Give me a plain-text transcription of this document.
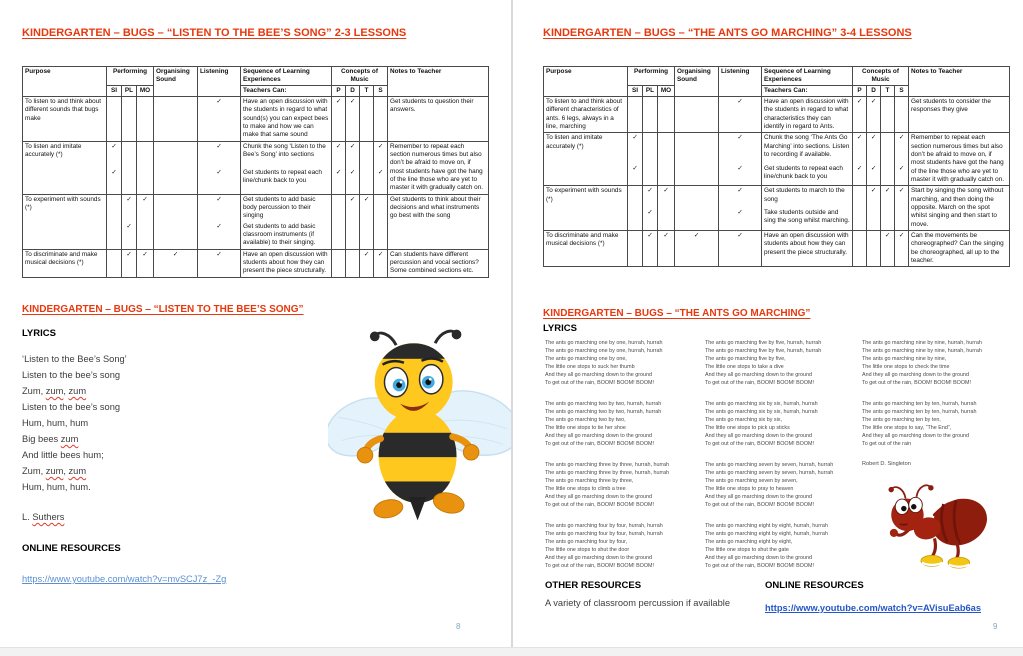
KINDERGARTEN – BUGS – “LISTEN TO THE BEE’S SONG” 2-3 LESSONS
Purpose	Performing			Organising Sound	Listening	Sequence of Learning Experiences	Concepts of Music				Notes to Teacher
	SI	PL	MO			Teachers Can:	P	D	T	S	
To listen to and think about different sounds that bugs make					✓	Have an open discussion with the students in regard to what sound(s) you can expect bees to make and how we can make that same sound	✓	✓			Get students to question their answers.
To listen and imitate accurately (*)	✓				✓	Chunk the song ‘Listen to the Bee’s Song’ into sections	✓	✓		✓	Remember to repeat each section numerous times but also don’t be afraid to move on, if most students have got the hang of the line those who are yet to master it with gradually catch on.
	✓				✓	Get students to repeat each line/chunk back to you	✓	✓		✓	
To experiment with sounds (*)		✓	✓		✓	Get students to add basic body percussion to their singing		✓	✓		Get students to think about their decisions and what instruments go best with the song
		✓			✓	Get students to add basic classroom instruments (if available) to their singing.					
To discriminate and make musical decisions (*)		✓	✓	✓	✓	Have an open discussion with students about how they can present the piece structurally.			✓	✓	Can students have different percussion and vocal sections? Some combined sections etc.
KINDERGARTEN – BUGS – “LISTEN TO THE BEE’S SONG”
LYRICS
‘Listen to the Bee’s Song’
Listen to the bee’s song
Zum, zum, zum
Listen to the bee’s song
Hum, hum, hum
Big bees zum
And little bees hum;
Zum, zum, zum
Hum, hum, hum.
L. Suthers
ONLINE RESOURCES
https://www.youtube.com/watch?v=mvSCJ7z_-Zg
8
KINDERGARTEN – BUGS – “THE ANTS GO MARCHING” 3-4 LESSONS
Purpose	Performing			Organising Sound	Listening	Sequence of Learning Experiences	Concepts of Music				Notes to Teacher
	SI	PL	MO			Teachers Can:	P	D	T	S	
To listen to and think about different characteristics of ants. 6 legs, always in a line, marching					✓	Have an open discussion with the students in regard to what characteristics they can identify in regard to Ants.	✓	✓			Get students to consider the responses they give
To listen and imitate accurately (*)	✓				✓	Chunk the song ‘The Ants Go Marching’ into sections. Listen to recording if available.	✓	✓		✓	Remember to repeat each section numerous times but also don’t be afraid to move on, if most students have got the hang of the line those who are yet to master it with gradually catch on.
	✓				✓	Get students to repeat each line/chunk back to you	✓	✓		✓	
To experiment with sounds (*)		✓	✓		✓	Get students to march to the song		✓	✓	✓	Start by singing the song without marching, and then doing the opposite. March on the spot whilst singing and then start to move.
		✓			✓	Take students outside and sing the song whilst marching.					
To discriminate and make musical decisions (*)		✓	✓	✓	✓	Have an open discussion with students about how they can present the piece structurally.			✓	✓	Can the movements be choreographed? Can the singing be choreographed, all up to the teacher.
KINDERGARTEN – BUGS – “THE ANTS GO MARCHING”
LYRICS
The ants go marching one by one, hurrah, hurrah
The ants go marching one by one, hurrah, hurrah
The ants go marching one by one,
The little one stops to suck her thumb
And they all go marching down to the ground
To get out of the rain, BOOM! BOOM! BOOM!
The ants go marching two by two, hurrah, hurrah
The ants go marching two by two, hurrah, hurrah
The ants go marching two by two,
The little one stops to tie her shoe
And they all go marching down to the ground
To get out of the rain, BOOM! BOOM! BOOM!
The ants go marching three by three, hurrah, hurrah
The ants go marching three by three, hurrah, hurrah
The ants go marching three by three,
The little one stops to climb a tree
And they all go marching down to the ground
To get out of the rain, BOOM! BOOM! BOOM!
The ants go marching four by four, hurrah, hurrah
The ants go marching four by four, hurrah, hurrah
The ants go marching four by four,
The little one stops to shut the door
And they all go marching down to the ground
To get out of the rain, BOOM! BOOM! BOOM!
The ants go marching five by five, hurrah, hurrah
The ants go marching five by five, hurrah, hurrah
The ants go marching five by five,
The little one stops to take a dive
And they all go marching down to the ground
To get out of the rain, BOOM! BOOM! BOOM!
The ants go marching six by six, hurrah, hurrah
The ants go marching six by six, hurrah, hurrah
The ants go marching six by six,
The little one stops to pick up sticks
And they all go marching down to the ground
To get out of the rain, BOOM! BOOM! BOOM!
The ants go marching seven by seven, hurrah, hurrah
The ants go marching seven by seven, hurrah, hurrah
The ants go marching seven by seven,
The little one stops to pray to heaven
And they all go marching down to the ground
To get out of the rain, BOOM! BOOM! BOOM!
The ants go marching eight by eight, hurrah, hurrah
The ants go marching eight by eight, hurrah, hurrah
The ants go marching eight by eight,
The little one stops to shut the gate
And they all go marching down to the ground
To get out of the rain, BOOM! BOOM! BOOM!
The ants go marching nine by nine, hurrah, hurrah
The ants go marching nine by nine, hurrah, hurrah
The ants go marching nine by nine,
The little one stops to check the time
And they all go marching down to the ground
To get out of the rain, BOOM! BOOM! BOOM!
The ants go marching ten by ten, hurrah, hurrah
The ants go marching ten by ten, hurrah, hurrah
The ants go marching ten by ten,
The little one stops to say, “The End”,
And they all go marching down to the ground
To get out of the rain
Robert D. Singleton
OTHER RESOURCES
A variety of classroom percussion if available
ONLINE RESOURCES
https://www.youtube.com/watch?v=AVisuEab6as
9
